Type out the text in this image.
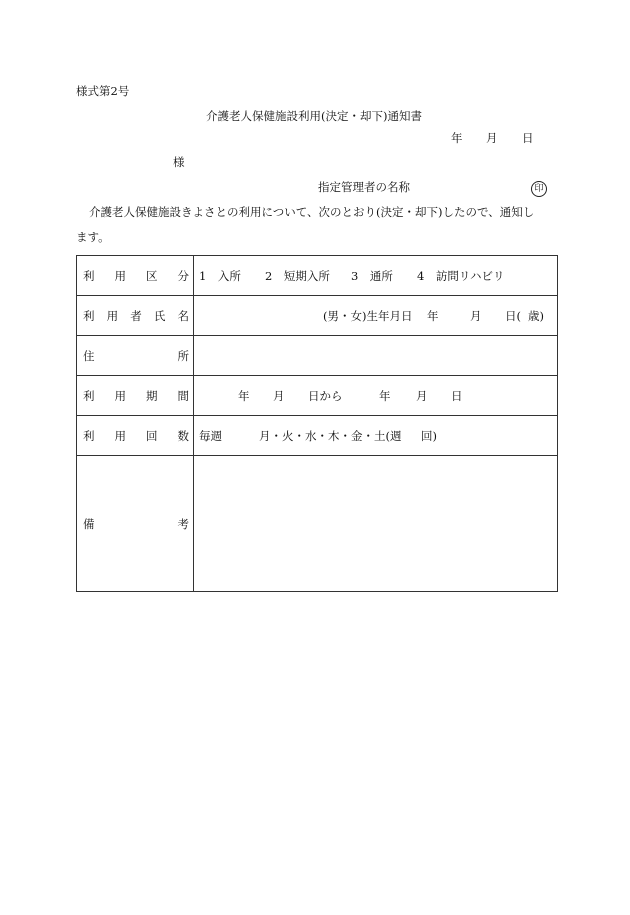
様式第2号
介護老人保健施設利用(決定・却下)通知書
年 月 日
様
指定管理者の名称	印
介護老人保健施設きよさとの利用について、次のとおり(決定・却下)したので、通知し
ます。
利 用 区 分	1　入所 2　短期入所 3　通所 4　訪問リハビリ

利 用 者 氏 名	(男・女)生年月日 年 月 日( 歳)

住 所	

利 用 期 間	年 月 日から 年 月 日

利 用 回 数	毎週 月・火・水・木・金・土(週 回)

備 考	
